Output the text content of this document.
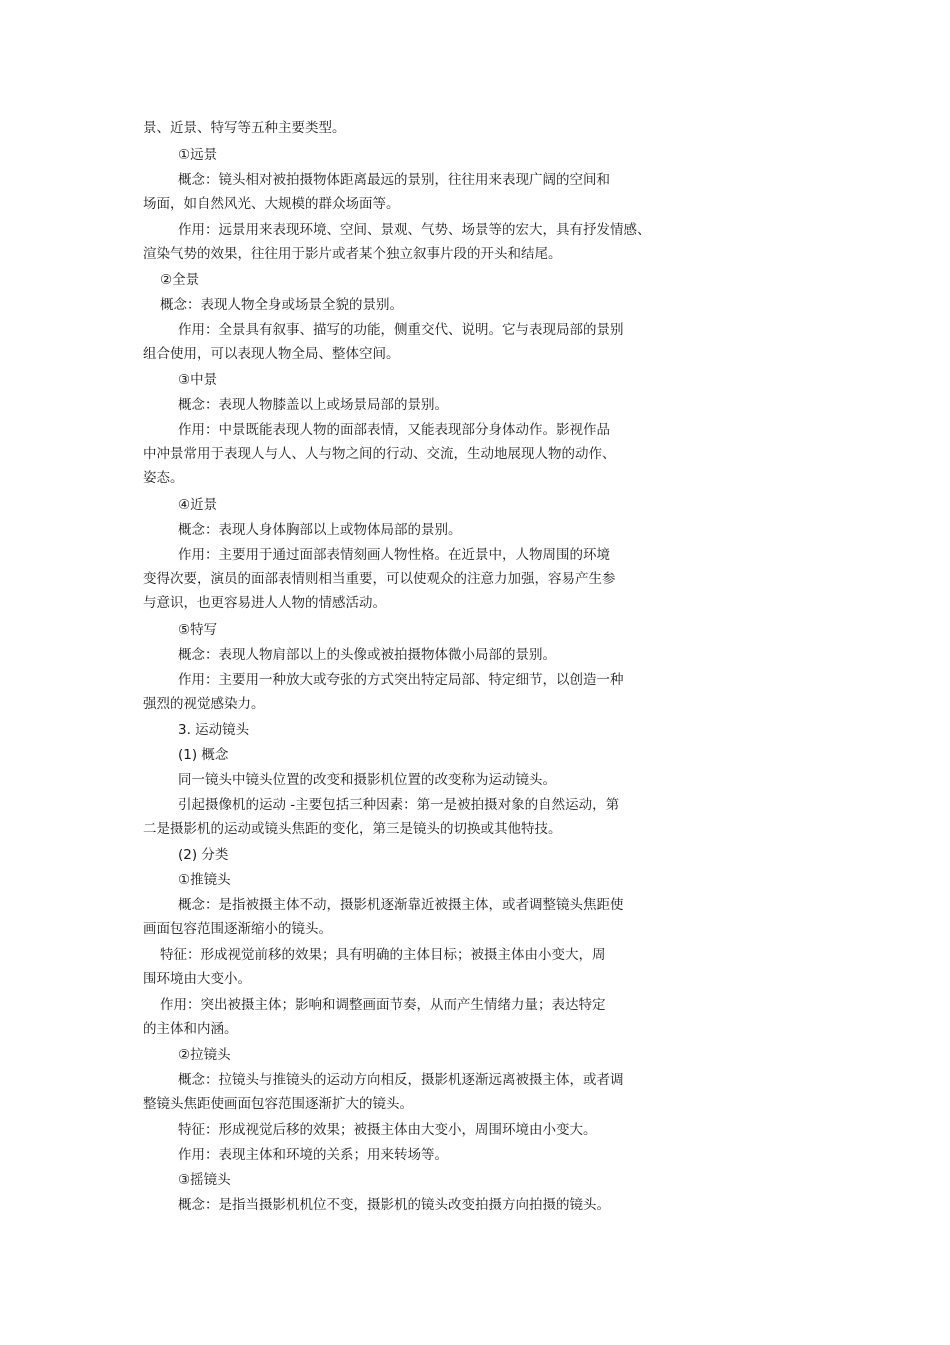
景、近景、特写等五种主要类型。
①远景
概念：镜头相对被拍摄物体距离最远的景别，往往用来表现广阔的空间和
场面，如自然风光、大规模的群众场面等。
作用：远景用来表现环境、空间、景观、气势、场景等的宏大，具有抒发情感、
渲染气势的效果，往往用于影片或者某个独立叙事片段的开头和结尾。
②全景
概念：表现人物全身或场景全貌的景别。
作用：全景具有叙事、描写的功能，侧重交代、说明。它与表现局部的景别
组合使用，可以表现人物全局、整体空间。
③中景
概念：表现人物膝盖以上或场景局部的景别。
作用：中景既能表现人物的面部表情，又能表现部分身体动作。影视作品
中冲景常用于表现人与人、人与物之间的行动、交流，生动地展现人物的动作、
姿态。
④近景
概念：表现人身体胸部以上或物体局部的景别。
作用：主要用于通过面部表情刻画人物性格。在近景中，人物周围的环境
变得次要，演员的面部表情则相当重要，可以使观众的注意力加强，容易产生参
与意识，也更容易进人人物的情感活动。
⑤特写
概念：表现人物肩部以上的头像或被拍摄物体微小局部的景别。
作用：主要用一种放大或夸张的方式突出特定局部、特定细节，以创造一种
强烈的视觉感染力。
3. 运动镜头
(1) 概念
同一镜头中镜头位置的改变和摄影机位置的改变称为运动镜头。
引起摄像机的运动 -主要包括三种因素：第一是被拍摄对象的自然运动，第
二是摄影机的运动或镜头焦距的变化，第三是镜头的切换或其他特技。
(2) 分类
①推镜头
概念：是指被摄主体不动，摄影机逐渐靠近被摄主体，或者调整镜头焦距使
画面包容范围逐渐缩小的镜头。
特征：形成视觉前移的效果；具有明确的主体目标；被摄主体由小变大，周
围环境由大变小。
作用：突出被摄主体；影响和调整画面节奏，从而产生情绪力量；表达特定
的主体和内涵。
②拉镜头
概念：拉镜头与推镜头的运动方向相反，摄影机逐渐远离被摄主体，或者调
整镜头焦距使画面包容范围逐渐扩大的镜头。
特征：形成视觉后移的效果；被摄主体由大变小，周围环境由小变大。
作用：表现主体和环境的关系；用来转场等。
③摇镜头
概念：是指当摄影机机位不变，摄影机的镜头改变拍摄方向拍摄的镜头。
